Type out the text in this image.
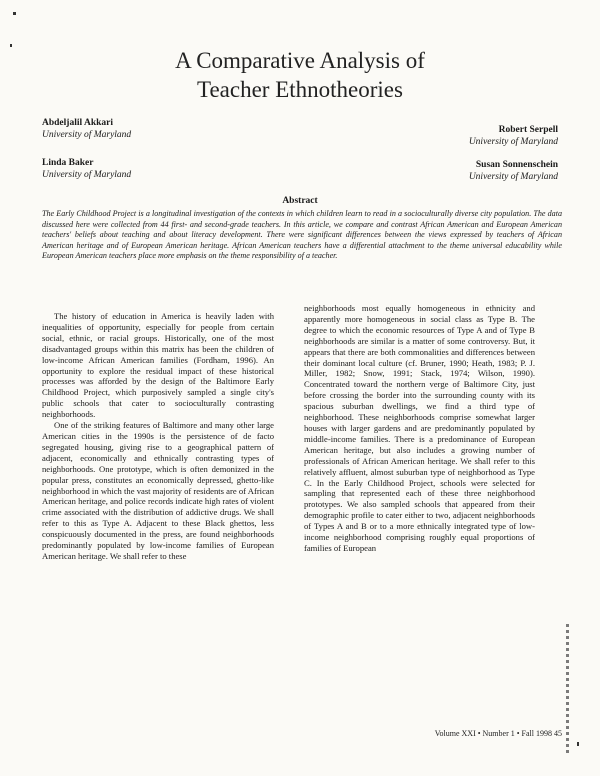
A Comparative Analysis of
Teacher Ethnotheories
Abdeljalil Akkari
University of Maryland
Linda Baker
University of Maryland
Robert Serpell
University of Maryland
Susan Sonnenschein
University of Maryland
Abstract
The Early Childhood Project is a longitudinal investigation of the contexts in which children learn to read in a socioculturally diverse city population. The data discussed here were collected from 44 first- and second-grade teachers. In this article, we compare and contrast African American and European American teachers' beliefs about teaching and about literacy development. There were significant differences between the views expressed by teachers of African American heritage and of European American heritage. African American teachers have a differential attachment to the theme universal educability while European American teachers place more emphasis on the theme responsibility of a teacher.

The history of education in America is heavily laden with inequalities of opportunity, especially for people from certain social, ethnic, or racial groups. Historically, one of the most disadvantaged groups within this matrix has been the children of low-income African American families (Fordham, 1996). An opportunity to explore the residual impact of these historical processes was afforded by the design of the Baltimore Early Childhood Project, which purposively sampled a single city's public schools that cater to socioculturally contrasting neighborhoods.

One of the striking features of Baltimore and many other large American cities in the 1990s is the persistence of de facto segregated housing, giving rise to a geographical pattern of adjacent, economically and ethnically contrasting types of neighborhoods. One prototype, which is often demonized in the popular press, constitutes an economically depressed, ghetto-like neighborhood in which the vast majority of residents are of African American heritage, and police records indicate high rates of violent crime associated with the distribution of addictive drugs. We shall refer to this as Type A. Adjacent to these Black ghettos, less conspicuously documented in the press, are found neighborhoods predominantly populated by low-income families of European American heritage. We shall refer to these

neighborhoods most equally homogeneous in ethnicity and apparently more homogeneous in social class as Type B. The degree to which the economic resources of Type A and of Type B neighborhoods are similar is a matter of some controversy. But, it appears that there are both commonalities and differences between their dominant local culture (cf. Bruner, 1990; Heath, 1983; P. J. Miller, 1982; Snow, 1991; Stack, 1974; Wilson, 1990). Concentrated toward the northern verge of Baltimore City, just before crossing the border into the surrounding county with its spacious suburban dwellings, we find a third type of neighborhood. These neighborhoods comprise somewhat larger houses with larger gardens and are predominantly populated by middle-income families. There is a predominance of European American heritage, but also includes a growing number of professionals of African American heritage. We shall refer to this relatively affluent, almost suburban type of neighborhood as Type C. In the Early Childhood Project, schools were selected for sampling that represented each of these three neighborhood prototypes. We also sampled schools that appeared from their demographic profile to cater either to two, adjacent neighborhoods of Types A and B or to a more ethnically integrated type of low-income neighborhood comprising roughly equal proportions of families of European

Volume XXI • Number 1 • Fall 1998 45
